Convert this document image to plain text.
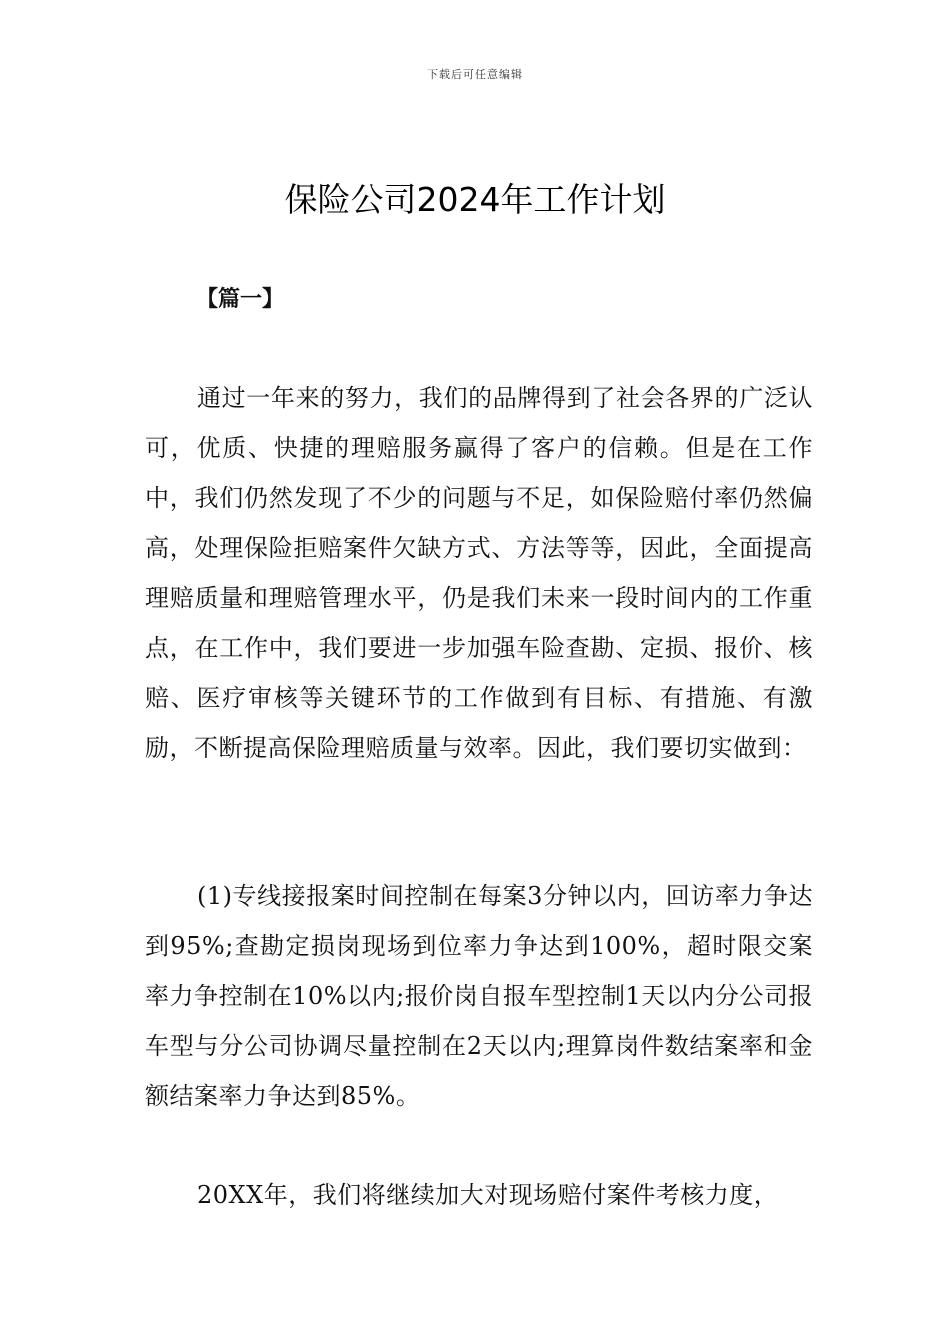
下载后可任意编辑
保险公司2024年工作计划
【篇一】

通过一年来的努力，我们的品牌得到了社会各界的广泛认可，优质、快捷的理赔服务赢得了客户的信赖。但是在工作中，我们仍然发现了不少的问题与不足，如保险赔付率仍然偏高，处理保险拒赔案件欠缺方式、方法等等，因此，全面提高理赔质量和理赔管理水平，仍是我们未来一段时间内的工作重点，在工作中，我们要进一步加强车险查勘、定损、报价、核赔、医疗审核等关键环节的工作做到有目标、有措施、有激励，不断提高保险理赔质量与效率。因此，我们要切实做到：

(1)专线接报案时间控制在每案3分钟以内，回访率力争达到95%;查勘定损岗现场到位率力争达到100%，超时限交案率力争控制在10%以内;报价岗自报车型控制1天以内分公司报车型与分公司协调尽量控制在2天以内;理算岗件数结案率和金额结案率力争达到85%。

20XX年，我们将继续加大对现场赔付案件考核力度，
